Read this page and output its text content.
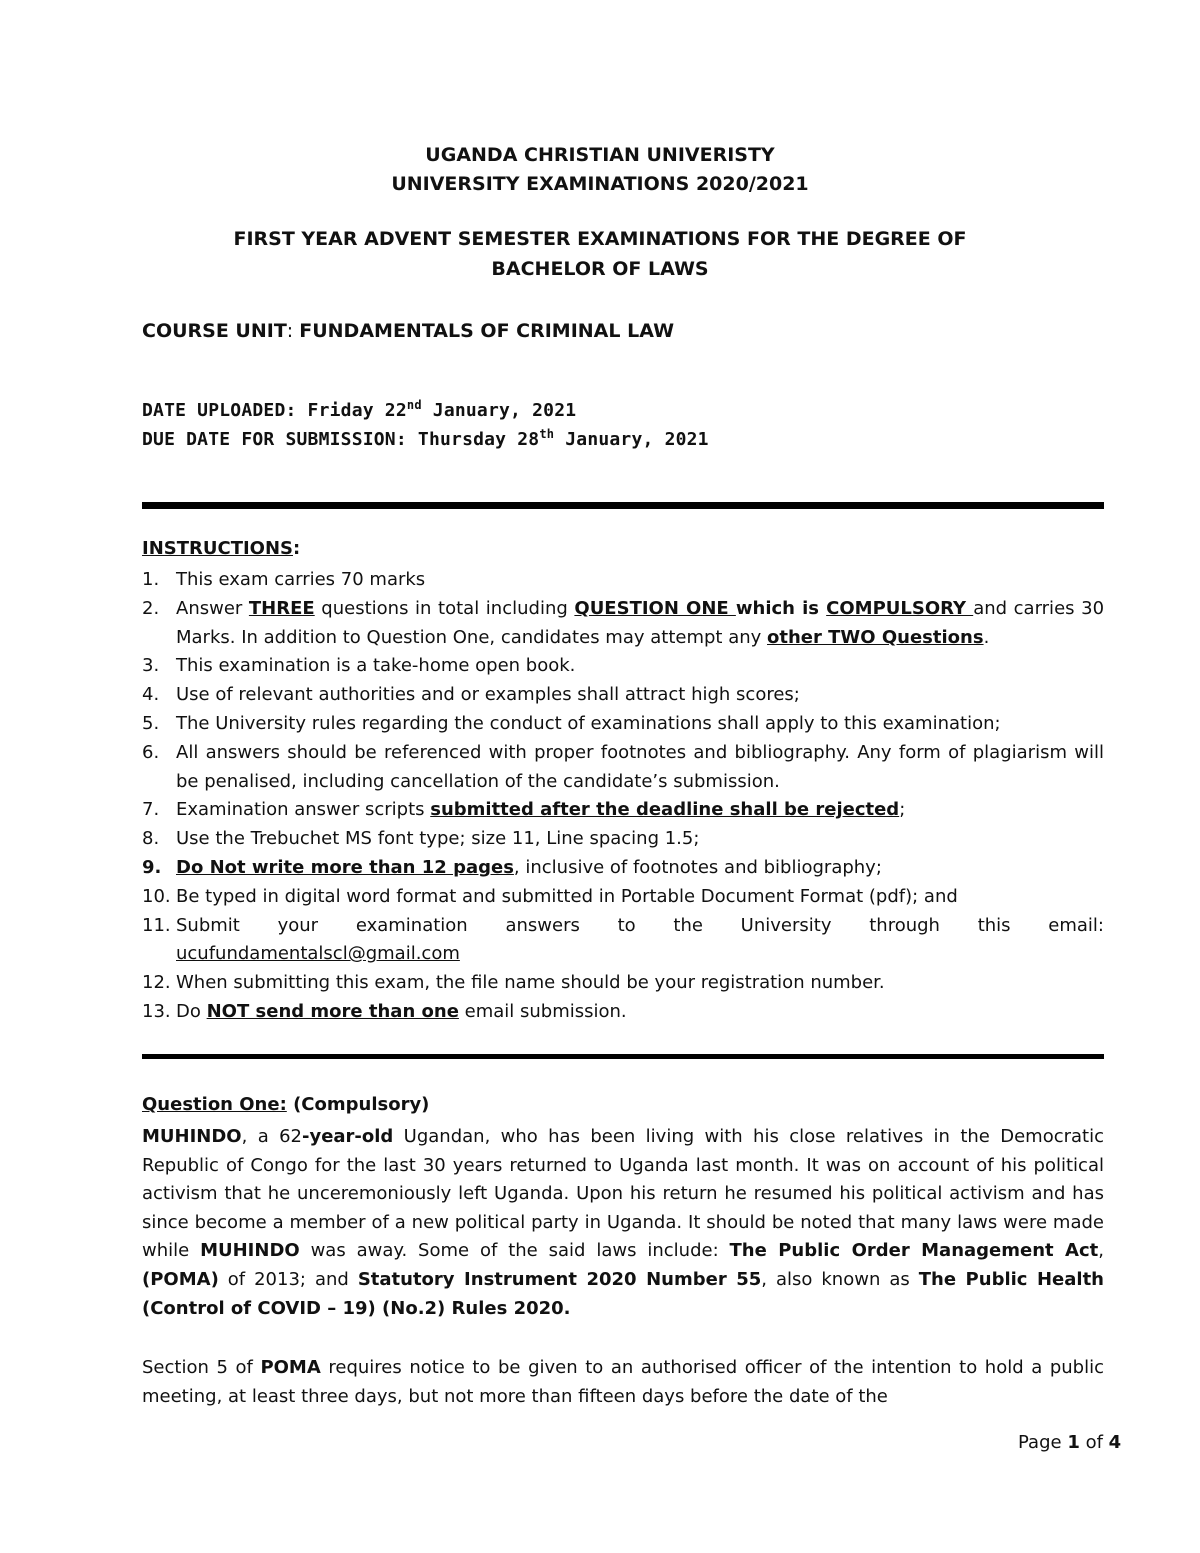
UGANDA CHRISTIAN UNIVERISTY
UNIVERSITY EXAMINATIONS 2020/2021
FIRST YEAR ADVENT SEMESTER EXAMINATIONS FOR THE DEGREE OF
BACHELOR OF LAWS
COURSE UNIT: FUNDAMENTALS OF CRIMINAL LAW
DATE UPLOADED: Friday 22nd January, 2021
DUE DATE FOR SUBMISSION: Thursday 28th January, 2021
INSTRUCTIONS:
1. This exam carries 70 marks
2. Answer THREE questions in total including QUESTION ONE which is COMPULSORY and carries 30 Marks. In addition to Question One, candidates may attempt any other TWO Questions.
3. This examination is a take-home open book.
4. Use of relevant authorities and or examples shall attract high scores;
5. The University rules regarding the conduct of examinations shall apply to this examination;
6. All answers should be referenced with proper footnotes and bibliography. Any form of plagiarism will be penalised, including cancellation of the candidate’s submission.
7. Examination answer scripts submitted after the deadline shall be rejected;
8. Use the Trebuchet MS font type; size 11, Line spacing 1.5;
9. Do Not write more than 12 pages, inclusive of footnotes and bibliography;
10. Be typed in digital word format and submitted in Portable Document Format (pdf); and
11. Submit your examination answers to the University through this email:
ucufundamentalscl@gmail.com
12. When submitting this exam, the file name should be your registration number.
13. Do NOT send more than one email submission.
Question One: (Compulsory)
MUHINDO, a 62-year-old Ugandan, who has been living with his close relatives in the Democratic Republic of Congo for the last 30 years returned to Uganda last month. It was on account of his political activism that he unceremoniously left Uganda. Upon his return he resumed his political activism and has since become a member of a new political party in Uganda. It should be noted that many laws were made while MUHINDO was away. Some of the said laws include: The Public Order Management Act, (POMA) of 2013; and Statutory Instrument 2020 Number 55, also known as The Public Health (Control of COVID – 19) (No.2) Rules 2020.
Section 5 of POMA requires notice to be given to an authorised officer of the intention to hold a public meeting, at least three days, but not more than fifteen days before the date of the
Page 1 of 4
